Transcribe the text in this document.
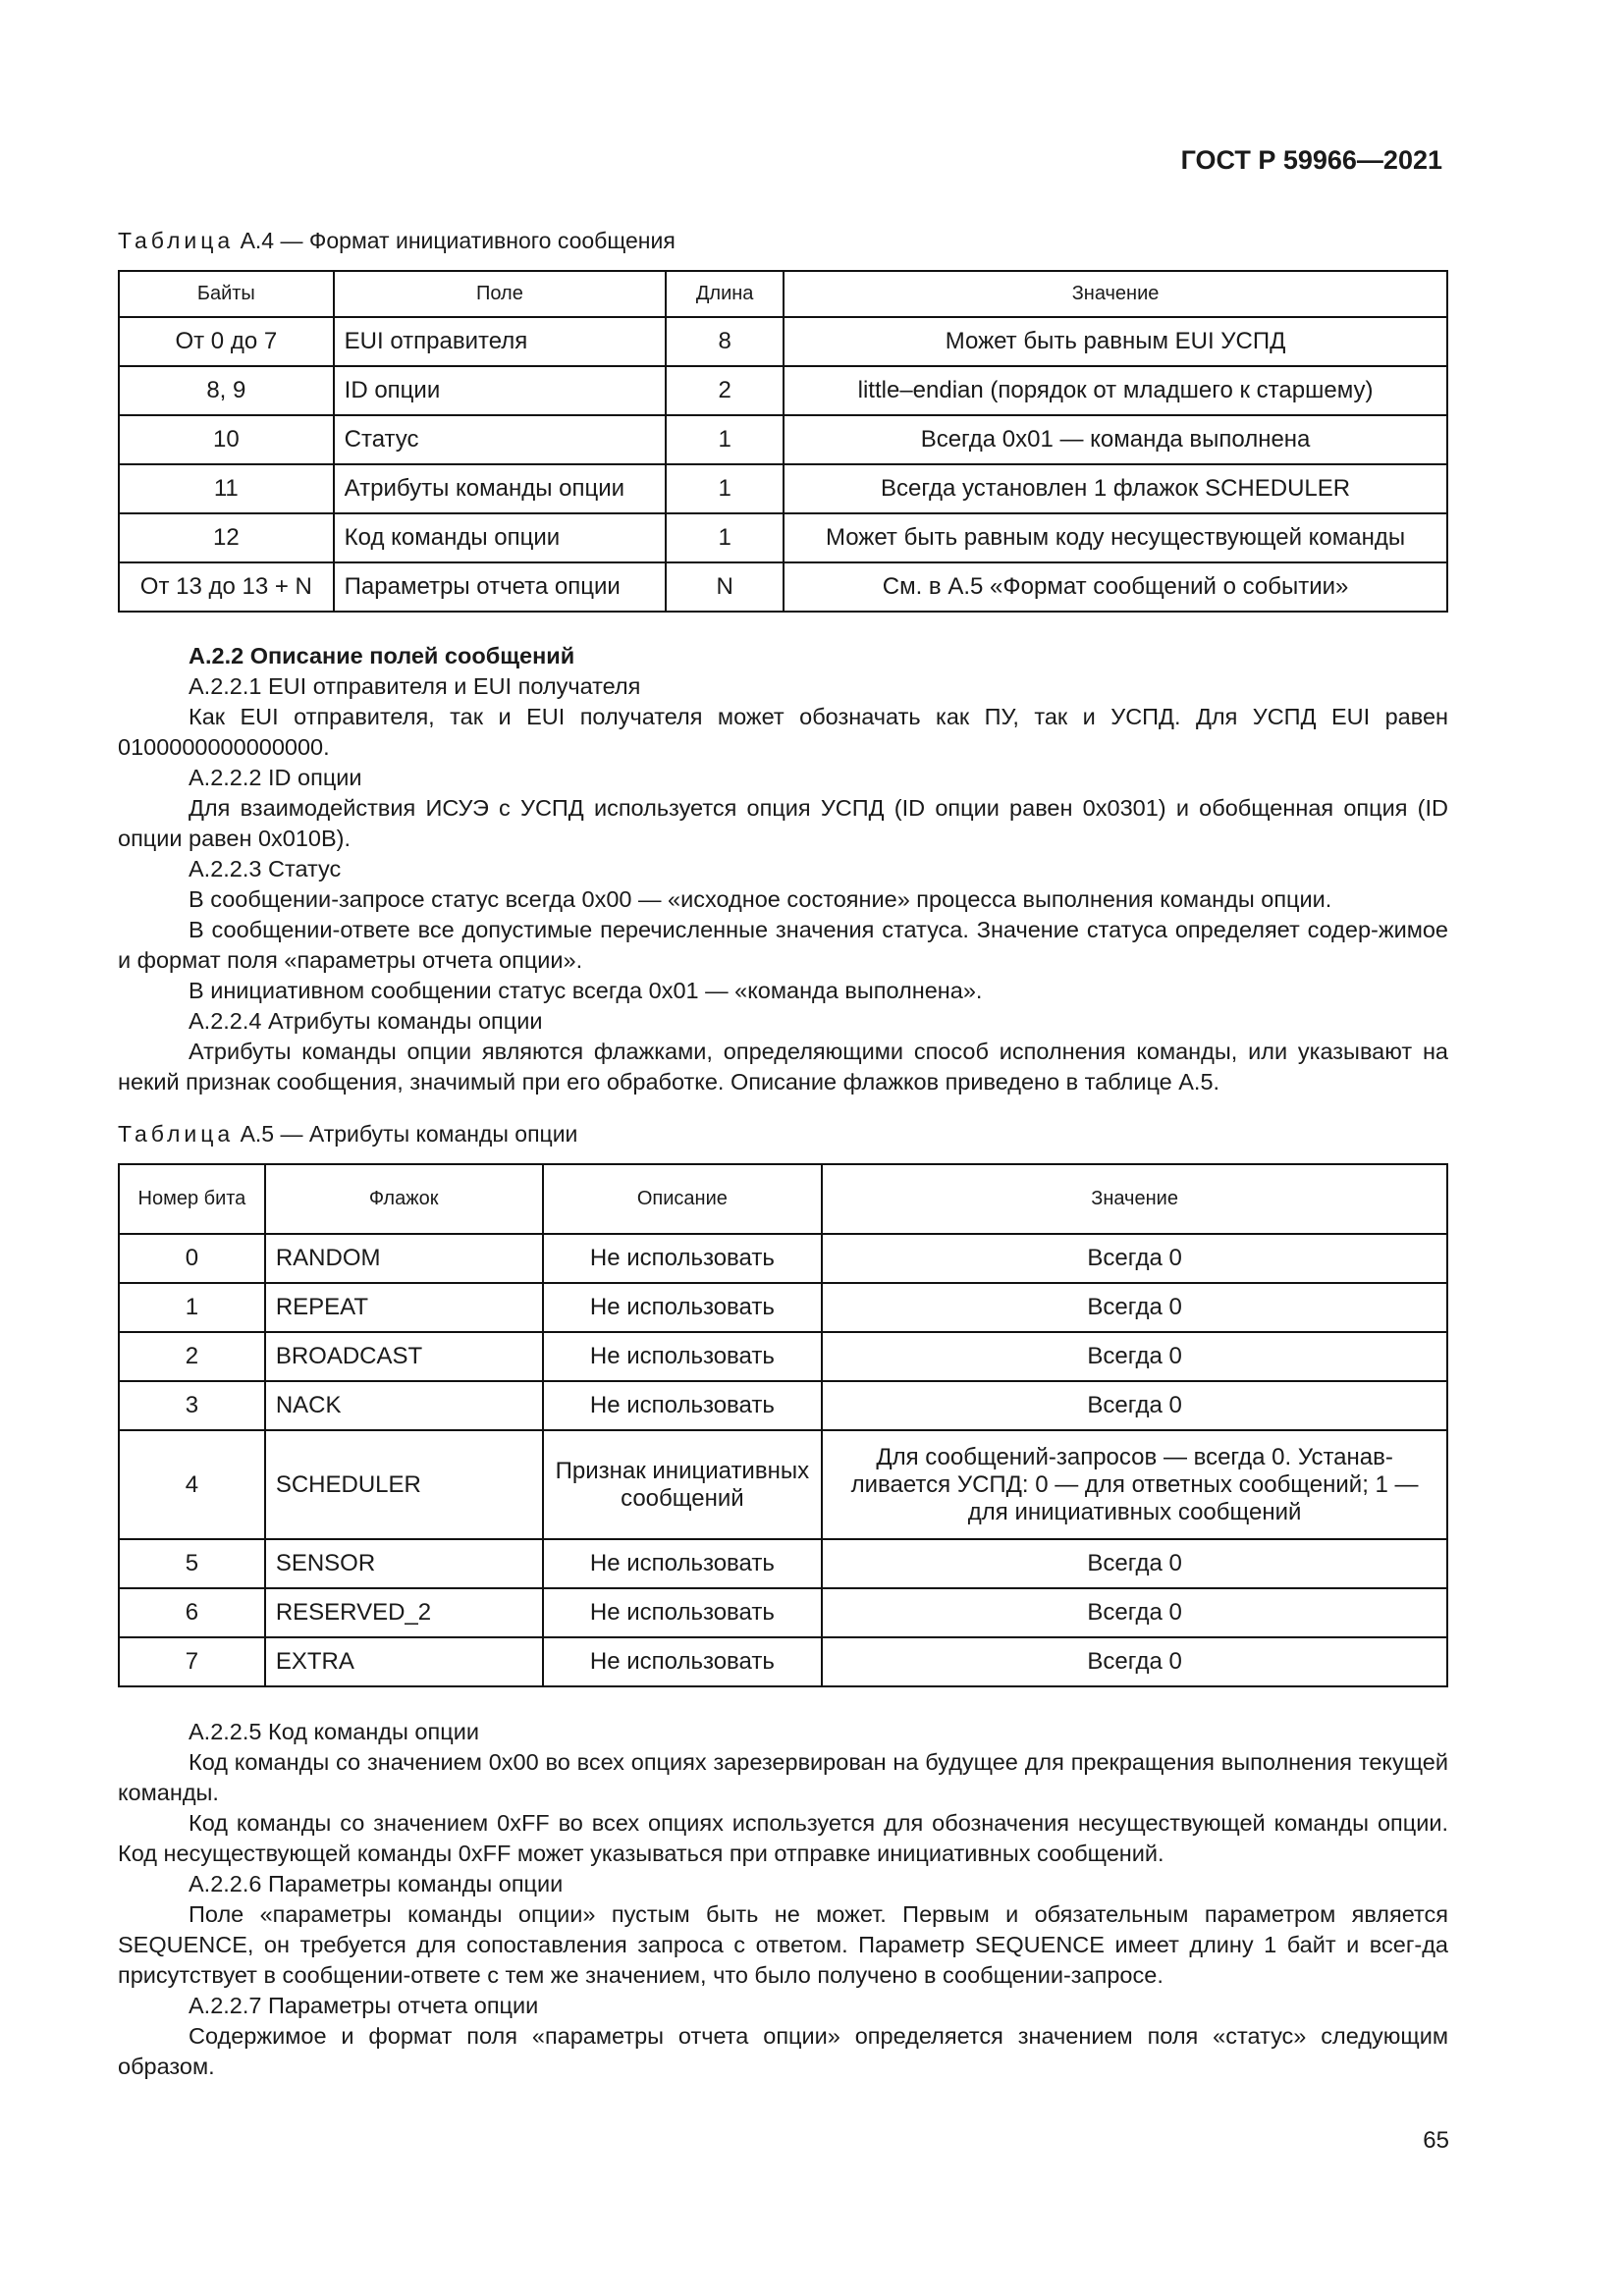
ГОСТ Р 59966—2021
Таблица А.4 — Формат инициативного сообщения
Байты	Поле	Длина	Значение
От 0 до 7	EUI отправителя	8	Может быть равным EUI УСПД
8, 9	ID опции	2	little–endian (порядок от младшего к старшему)
10	Статус	1	Всегда 0х01 — команда выполнена
11	Атрибуты команды опции	1	Всегда установлен 1 флажок SCHEDULER
12	Код команды опции	1	Может быть равным коду несуществующей команды
От 13 до 13 + N	Параметры отчета опции	N	См. в А.5 «Формат сообщений о событии»

А.2.2 Описание полей сообщений

А.2.2.1 EUI отправителя и EUI получателя

Как EUI отправителя, так и EUI получателя может обозначать как ПУ, так и УСПД. Для УСПД EUI равен 0100000000000000.

А.2.2.2 ID опции

Для взаимодействия ИСУЭ с УСПД используется опция УСПД (ID опции равен 0х0301) и обобщенная опция (ID опции равен 0х010В).

А.2.2.3 Статус

В сообщении-запросе статус всегда 0х00 — «исходное состояние» процесса выполнения команды опции.

В сообщении-ответе все допустимые перечисленные значения статуса. Значение статуса определяет содер-жимое и формат поля «параметры отчета опции».

В инициативном сообщении статус всегда 0х01 — «команда выполнена».

А.2.2.4 Атрибуты команды опции

Атрибуты команды опции являются флажками, определяющими способ исполнения команды, или указывают на некий признак сообщения, значимый при его обработке. Описание флажков приведено в таблице А.5.

Таблица А.5 — Атрибуты команды опции
Номер бита	Флажок	Описание	Значение
0	RANDOM	Не использовать	Всегда 0
1	REPEAT	Не использовать	Всегда 0
2	BROADCAST	Не использовать	Всегда 0
3	NACK	Не использовать	Всегда 0
4	SCHEDULER	Признак инициативных сообщений	Для сообщений-запросов — всегда 0. Устанав-ливается УСПД: 0 — для ответных сообщений; 1 — для инициативных сообщений
5	SENSOR	Не использовать	Всегда 0
6	RESERVED_2	Не использовать	Всегда 0
7	EXTRA	Не использовать	Всегда 0

А.2.2.5 Код команды опции

Код команды со значением 0х00 во всех опциях зарезервирован на будущее для прекращения выполнения текущей команды.

Код команды со значением 0хFF во всех опциях используется для обозначения несуществующей команды опции. Код несуществующей команды 0хFF может указываться при отправке инициативных сообщений.

А.2.2.6 Параметры команды опции

Поле «параметры команды опции» пустым быть не может. Первым и обязательным параметром является SEQUENCE, он требуется для сопоставления запроса с ответом. Параметр SEQUENCE имеет длину 1 байт и всег-да присутствует в сообщении-ответе с тем же значением, что было получено в сообщении-запросе.

А.2.2.7 Параметры отчета опции

Содержимое и формат поля «параметры отчета опции» определяется значением поля «статус» следующим образом.

65
